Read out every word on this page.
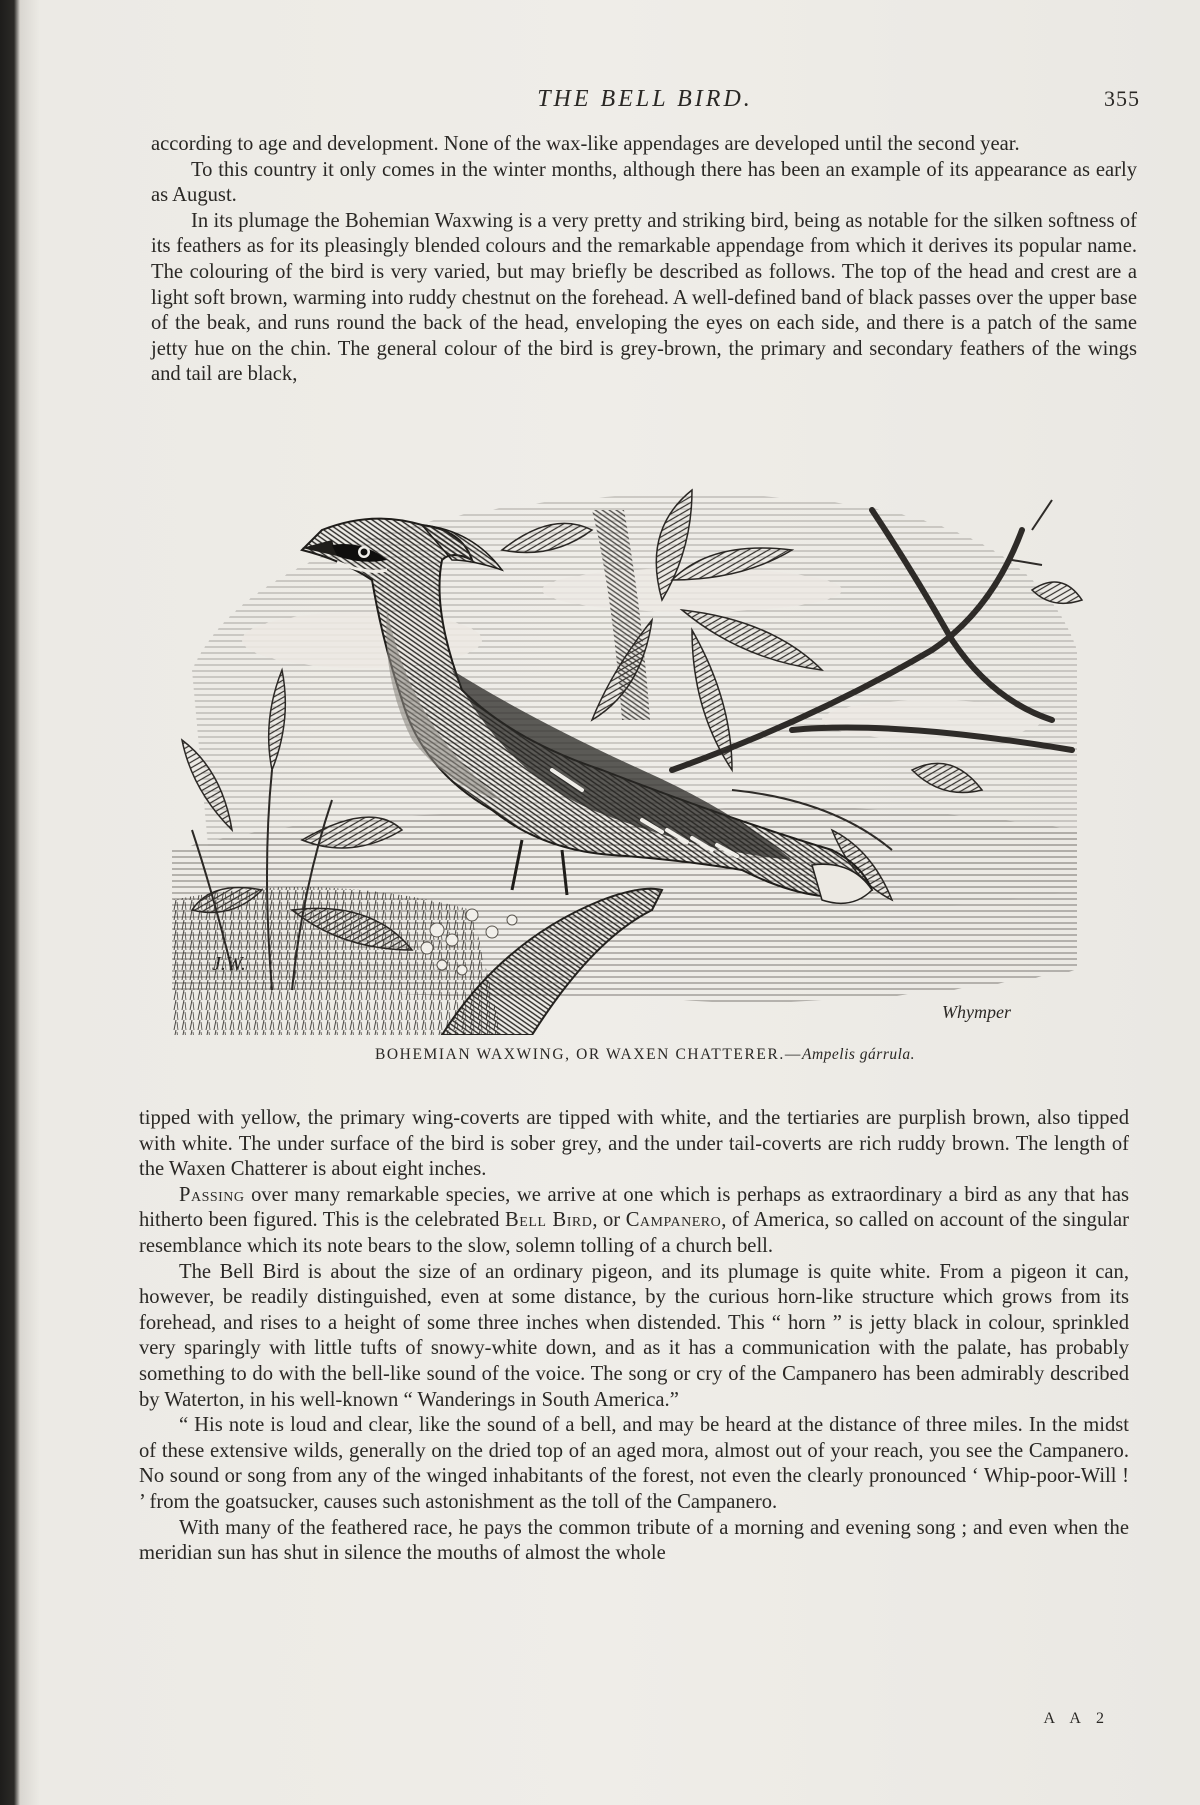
THE BELL BIRD.	355

according to age and development. None of the wax-like appendages are developed until the second year.

To this country it only comes in the winter months, although there has been an example of its appearance as early as August.

In its plumage the Bohemian Waxwing is a very pretty and striking bird, being as notable for the silken softness of its feathers as for its pleasingly blended colours and the remarkable appendage from which it derives its popular name. The colouring of the bird is very varied, but may briefly be described as follows. The top of the head and crest are a light soft brown, warming into ruddy chestnut on the forehead. A well-defined band of black passes over the upper base of the beak, and runs round the back of the head, enveloping the eyes on each side, and there is a patch of the same jetty hue on the chin. The general colour of the bird is grey-brown, the primary and secondary feathers of the wings and tail are black,

J.W.
Whymper
BOHEMIAN WAXWING, OR WAXEN CHATTERER.—Ampelis gárrula.

tipped with yellow, the primary wing-coverts are tipped with white, and the tertiaries are purplish brown, also tipped with white. The under surface of the bird is sober grey, and the under tail-coverts are rich ruddy brown. The length of the Waxen Chatterer is about eight inches.

Passing over many remarkable species, we arrive at one which is perhaps as extraordinary a bird as any that has hitherto been figured. This is the celebrated Bell Bird, or Campanero, of America, so called on account of the singular resemblance which its note bears to the slow, solemn tolling of a church bell.

The Bell Bird is about the size of an ordinary pigeon, and its plumage is quite white. From a pigeon it can, however, be readily distinguished, even at some distance, by the curious horn-like structure which grows from its forehead, and rises to a height of some three inches when distended. This “ horn ” is jetty black in colour, sprinkled very sparingly with little tufts of snowy-white down, and as it has a communication with the palate, has probably something to do with the bell-like sound of the voice. The song or cry of the Campanero has been admirably described by Waterton, in his well-known “ Wanderings in South America.”

“ His note is loud and clear, like the sound of a bell, and may be heard at the distance of three miles. In the midst of these extensive wilds, generally on the dried top of an aged mora, almost out of your reach, you see the Campanero. No sound or song from any of the winged inhabitants of the forest, not even the clearly pronounced ‘ Whip-poor-Will ! ’ from the goatsucker, causes such astonishment as the toll of the Campanero.

With many of the feathered race, he pays the common tribute of a morning and evening song ; and even when the meridian sun has shut in silence the mouths of almost the whole

A A 2
